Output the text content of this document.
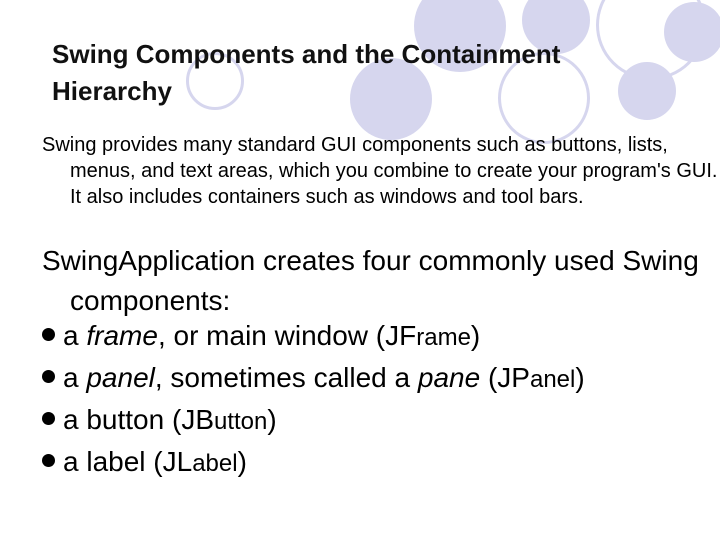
Swing Components and the Containment Hierarchy

Swing provides many standard GUI components such as buttons, lists, menus, and text areas, which you combine to create your program's GUI. It also includes containers such as windows and tool bars.

SwingApplication creates four commonly used Swing components:

a frame, or main window (JFrame)
a panel, sometimes called a pane (JPanel)
a button (JButton)
a label (JLabel)
